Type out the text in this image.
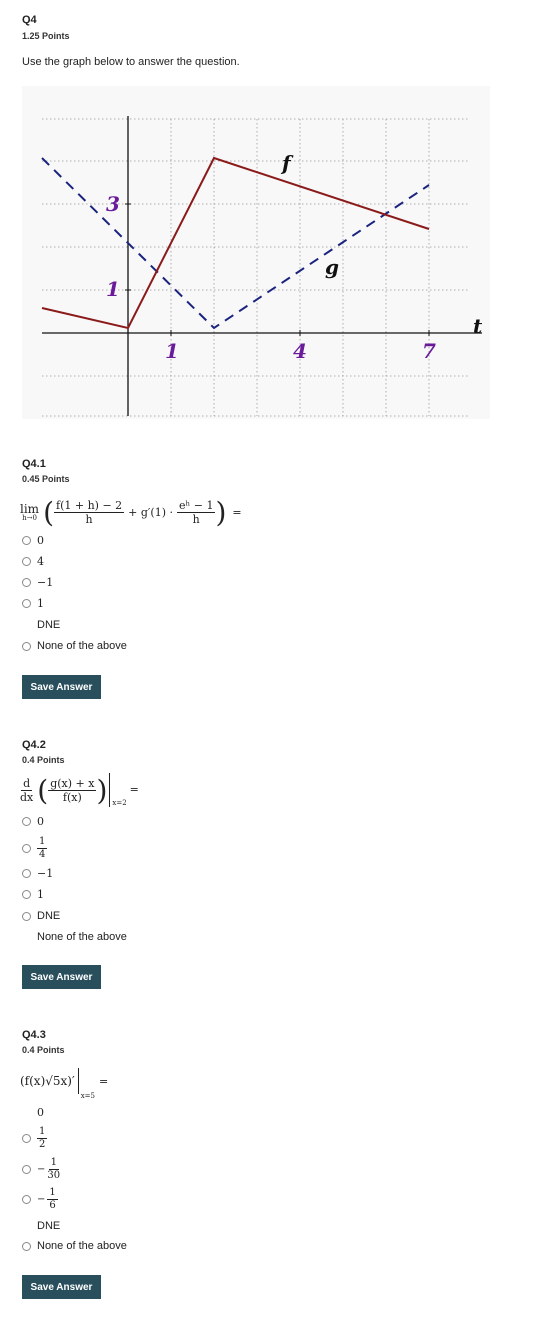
Q4
1.25 Points
Use the graph below to answer the question.
f
g
t
1	4	7
1
3
Q4.1
0.45 Points
lim
h→0 ( $\frac{f(1 + h) - 2}{h} + g'(1) \cdot \frac{\text{eʰ − 1}}{h}$ ) =
0
4
−1
1
DNE
None of the above
Save Answer
Q4.2
0.4 Points
$\frac{d}{dx}$ ( $\frac{g(x) + x}{f(x)}$ ) x=2
=
0
$\frac{1}{4}$
−1
1
DNE
None of the above
Save Answer
Q4.3
0.4 Points
(f(x)√5x)′
x=5
=
0
$\frac{1}{2}$
− $\frac{1}{30}$
− $\frac{1}{6}$
DNE
None of the above
Save Answer
